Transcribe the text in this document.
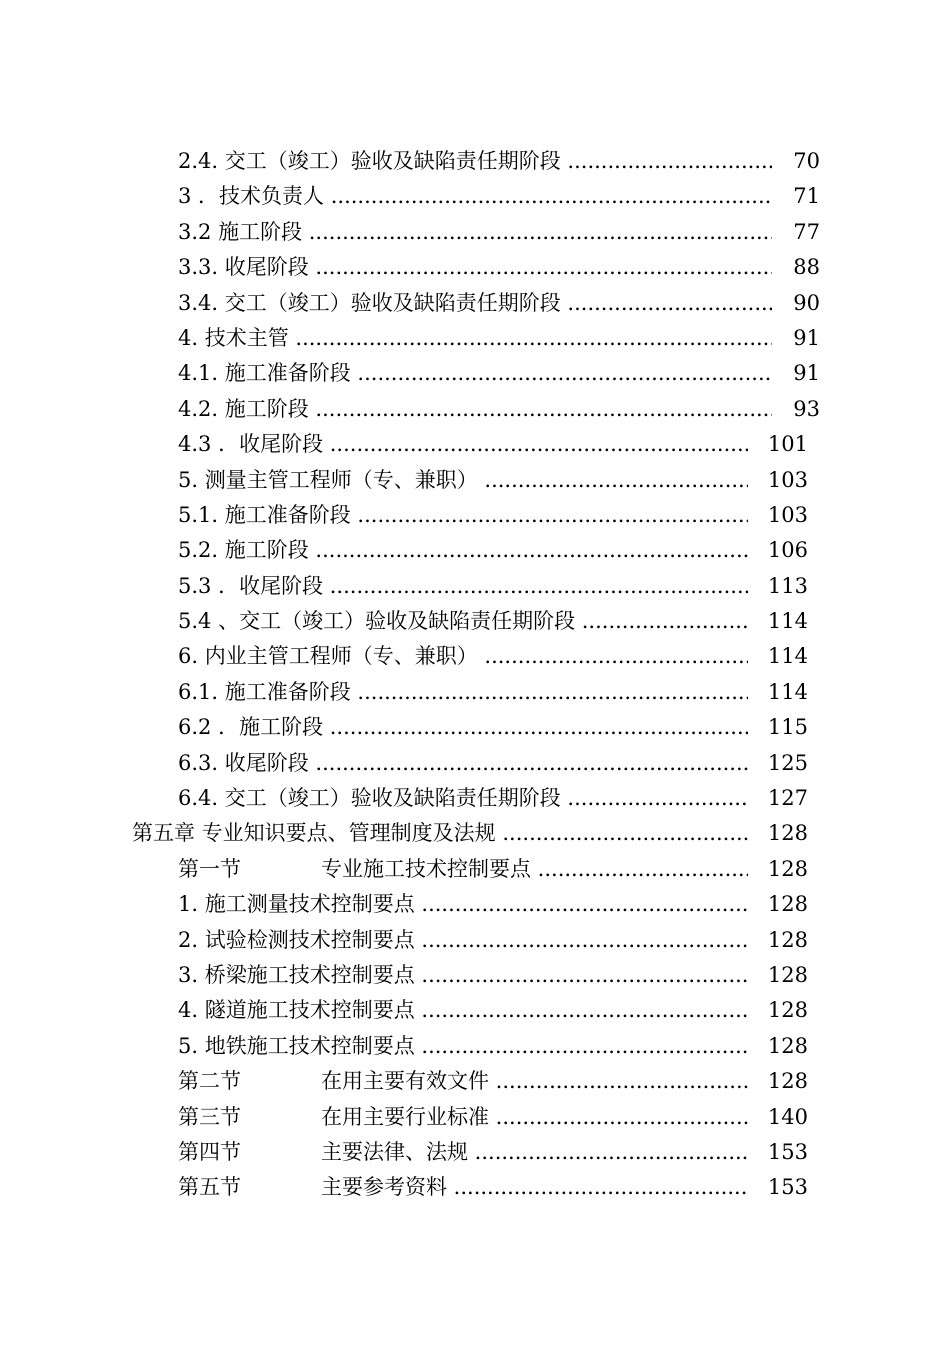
2.4. 交工（竣工）验收及缺陷责任期阶段 .....	70
3 ．技术负责人 .....	71
3.2 施工阶段 .....	77
3.3. 收尾阶段 .....	88
3.4. 交工（竣工）验收及缺陷责任期阶段 .....	90
4. 技术主管 .....	91
4.1. 施工准备阶段 .....	91
4.2. 施工阶段 .....	93
4.3 ．收尾阶段 .....	101
5. 测量主管工程师（专、兼职） .....	103
5.1. 施工准备阶段 .....	103
5.2. 施工阶段 .....	106
5.3 ．收尾阶段 .....	113
5.4 、交工（竣工）验收及缺陷责任期阶段 .....	114
6. 内业主管工程师（专、兼职） .....	114
6.1. 施工准备阶段 .....	114
6.2 ．施工阶段 .....	115
6.3. 收尾阶段 .....	125
6.4. 交工（竣工）验收及缺陷责任期阶段 .....	127
第五章 专业知识要点、管理制度及法规 .....	128
第一节	专业施工技术控制要点 .....	128
1. 施工测量技术控制要点 .....	128
2. 试验检测技术控制要点 .....	128
3. 桥梁施工技术控制要点 .....	128
4. 隧道施工技术控制要点 .....	128
5. 地铁施工技术控制要点 .....	128
第二节	在用主要有效文件 .....	128
第三节	在用主要行业标准 .....	140
第四节	主要法律、法规 .....	153
第五节	主要参考资料 .....	153
